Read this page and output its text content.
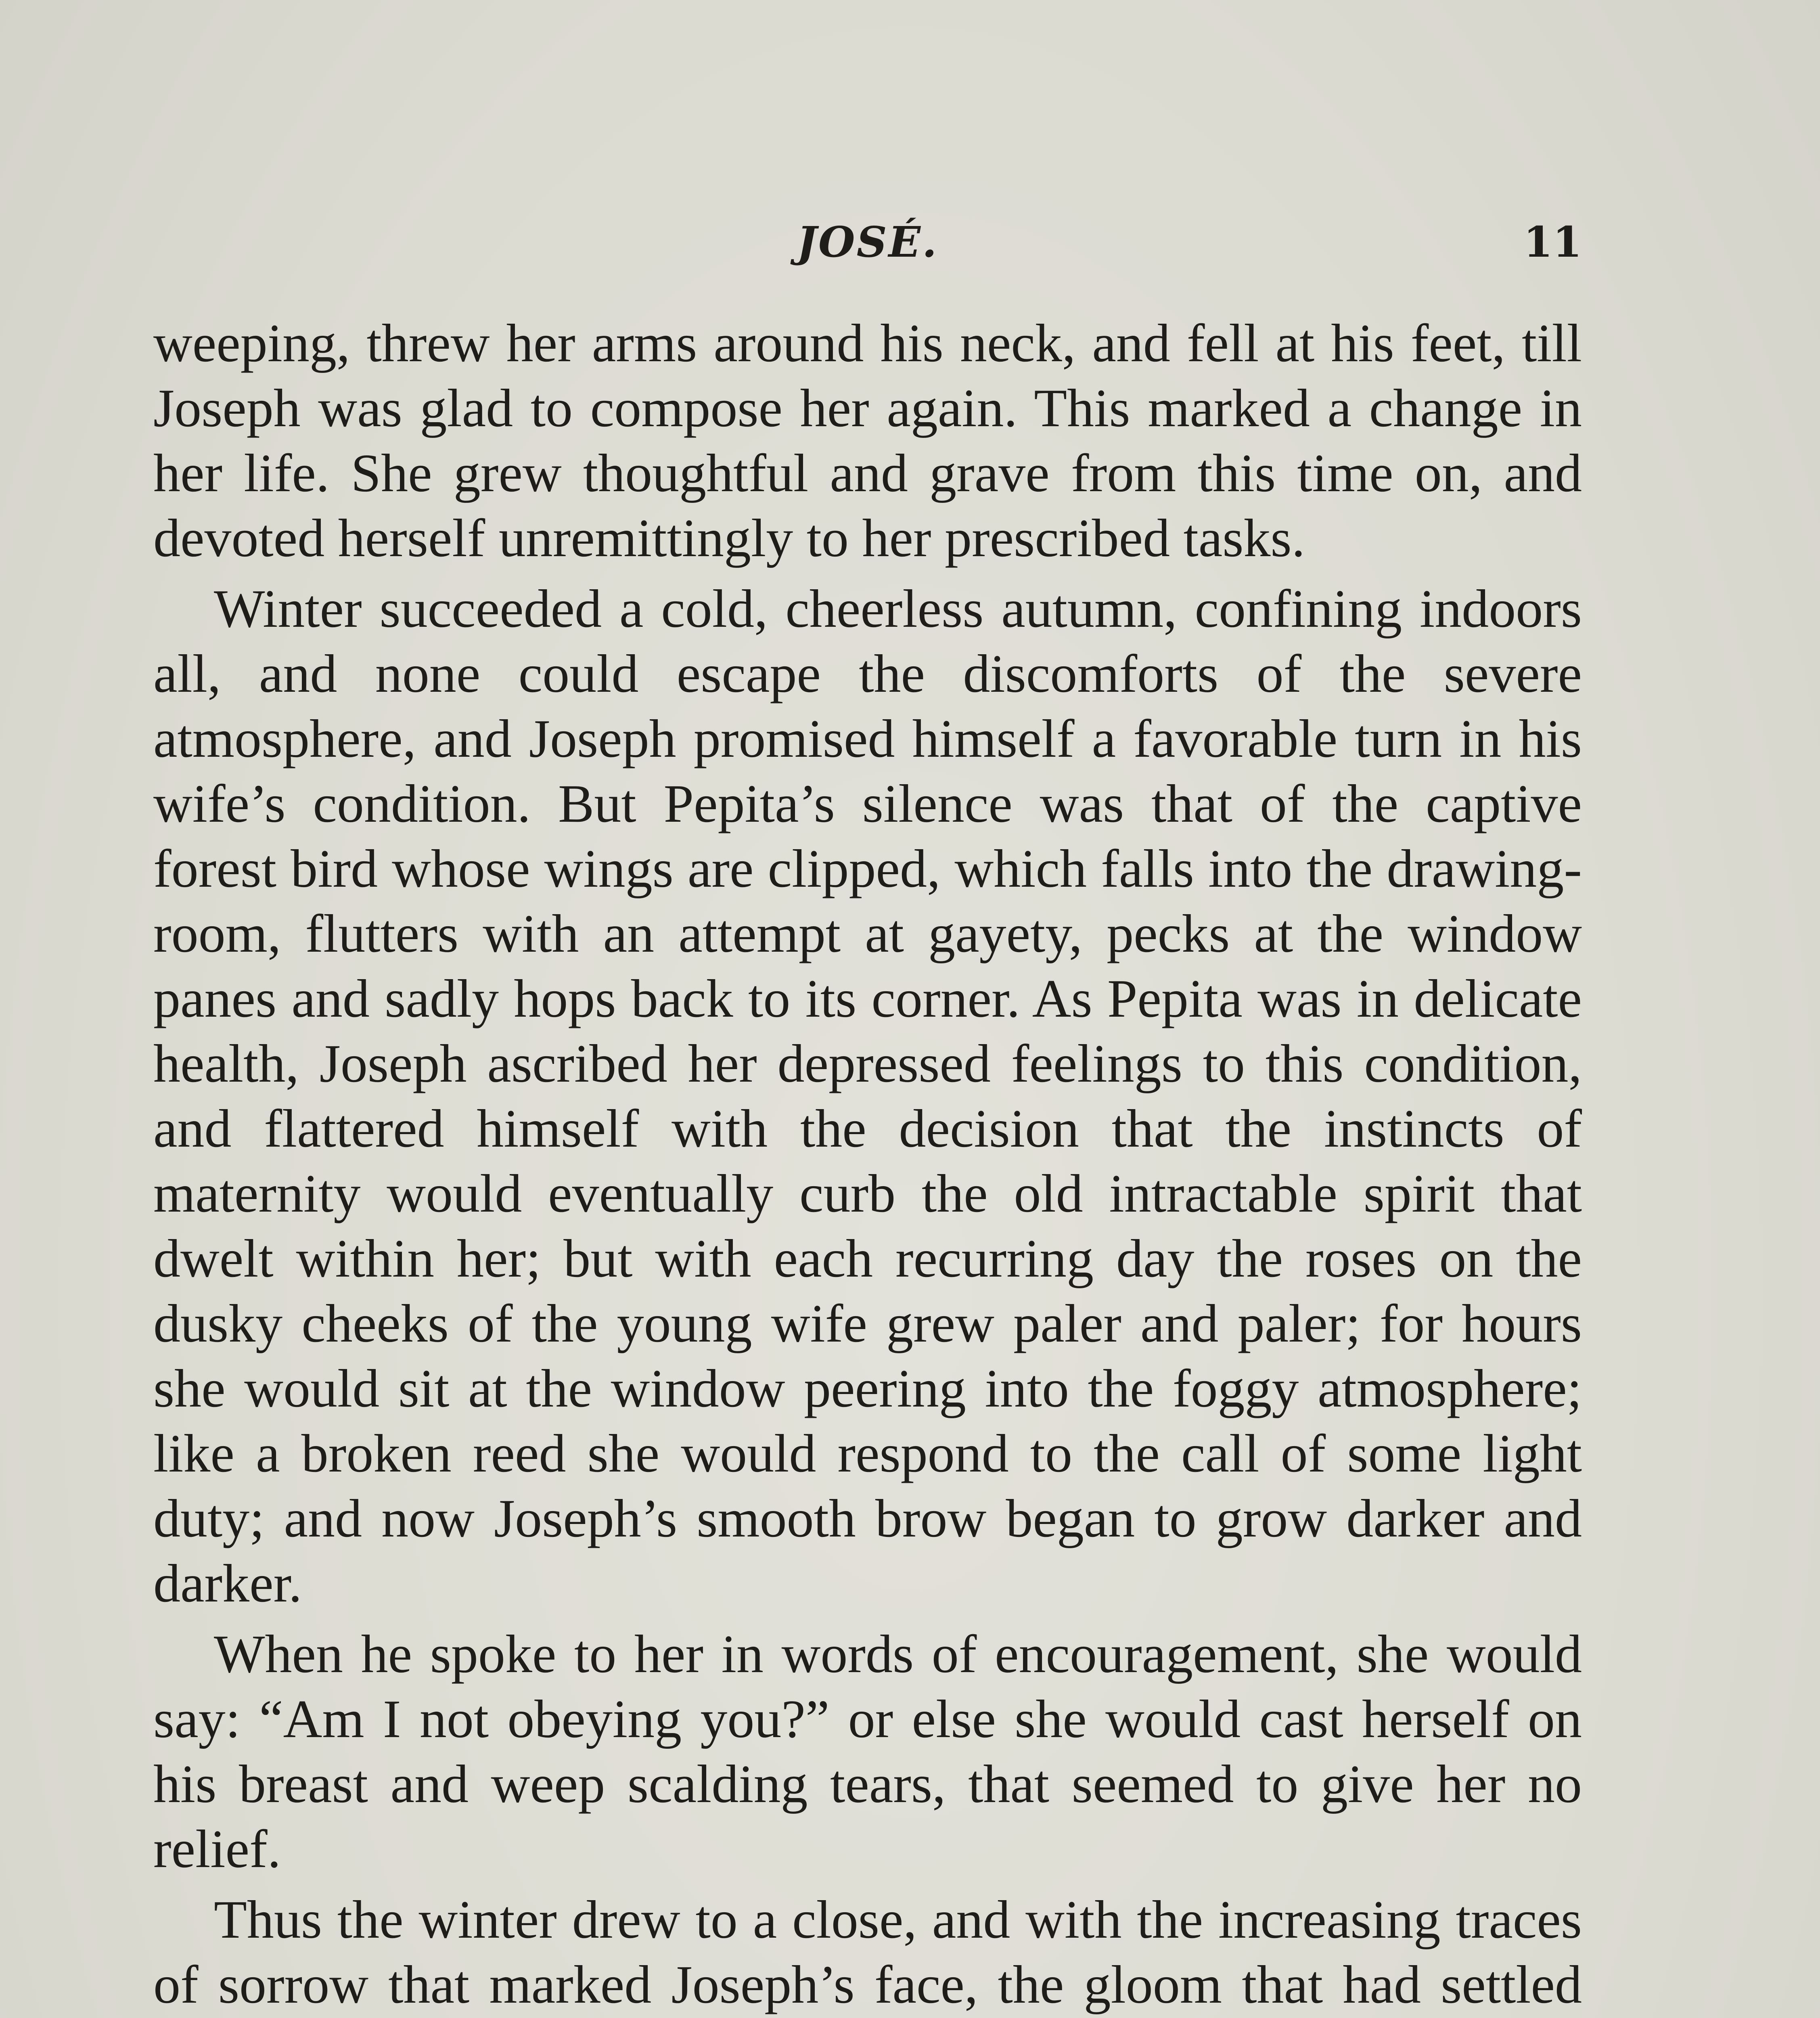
JOSÉ.	11

weeping, threw her arms around his neck, and fell at his feet, till Joseph was glad to compose her again. This marked a change in her life. She grew thoughtful and grave from this time on, and devoted herself unremittingly to her prescribed tasks.

Winter succeeded a cold, cheerless autumn, confining indoors all, and none could escape the discomforts of the severe atmosphere, and Joseph promised himself a favorable turn in his wife’s condition. But Pepita’s silence was that of the captive forest bird whose wings are clipped, which falls into the drawing-room, flutters with an attempt at gayety, pecks at the window panes and sadly hops back to its corner. As Pepita was in delicate health, Joseph ascribed her depressed feelings to this condition, and flattered himself with the decision that the instincts of maternity would eventually curb the old intractable spirit that dwelt within her; but with each recurring day the roses on the dusky cheeks of the young wife grew paler and paler; for hours she would sit at the window peering into the foggy atmosphere; like a broken reed she would respond to the call of some light duty; and now Joseph’s smooth brow began to grow darker and darker.

When he spoke to her in words of encouragement, she would say: “Am I not obeying you?” or else she would cast herself on his breast and weep scalding tears, that seemed to give her no relief.

Thus the winter drew to a close, and with the increasing traces of sorrow that marked Joseph’s face, the gloom that had settled
